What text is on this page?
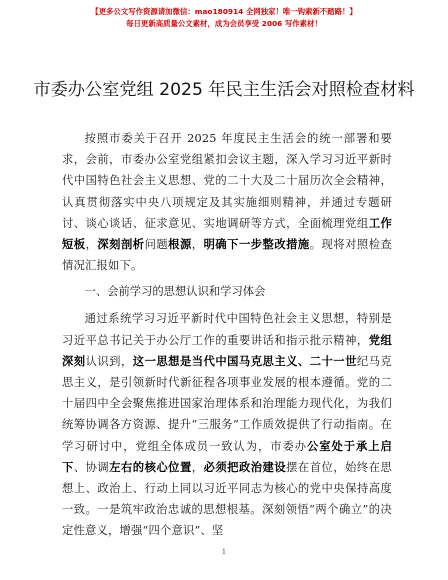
【更多公文写作资源请加微信：mao180914 全网独家！唯一钩索新不踏路！】
每日更新高质量公文素材，成为会员享受 2006 写作素材！
市委办公室党组 2025 年民主生活会对照检查材料

按照市委关于召开 2025 年度民主生活会的统一部署和要求，会前，市委办公室党组紧扣会议主题，深入学习习近平新时代中国特色社会主义思想、党的二十大及二十届历次全会精神，认真贯彻落实中央八项规定及其实施细则精神，并通过专题研讨、谈心谈话、征求意见、实地调研等方式，全面梳理党组工作短板，深刻剖析问题根源，明确下一步整改措施。现将对照检查情况汇报如下。

一、会前学习的思想认识和学习体会

通过系统学习习近平新时代中国特色社会主义思想，特别是习近平总书记关于办公厅工作的重要讲话和指示批示精神，党组深刻认识到，这一思想是当代中国马克思主义、二十一世纪马克思主义，是引领新时代新征程各项事业发展的根本遵循。党的二十届四中全会聚焦推进国家治理体系和治理能力现代化，为我们统筹协调各方资源、提升“三服务”工作质效提供了行动指南。在学习研讨中，党组全体成员一致认为，市委办公室处于承上启下、协调左右的核心位置，必须把政治建设摆在首位，始终在思想上、政治上、行动上同以习近平同志为核心的党中央保持高度一致。一是筑牢政治忠诚的思想根基。深刻领悟“两个确立”的决定性意义，增强“四个意识”、坚

1
